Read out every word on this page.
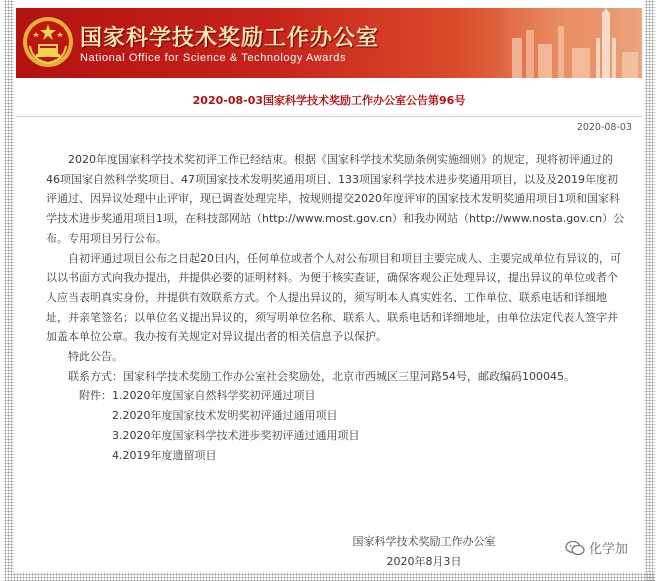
国家科学技术奖励工作办公室
National Office for Science & Technology Awards
2020-08-03国家科学技术奖励工作办公室公告第96号
2020-08-03

2020年度国家科学技术奖初评工作已经结束。根据《国家科学技术奖励条例实施细则》的规定，现将初评通过的46项国家自然科学奖项目、47项国家技术发明奖通用项目、133项国家科学技术进步奖通用项目，以及及2019年度初评通过、因异议处理中止评审，现已调查处理完毕，按规则提交2020年度评审的国家技术发明奖通用项目1项和国家科学技术进步奖通用项目1项，在科技部网站（http://www.most.gov.cn）和我办网站（http://www.nosta.gov.cn）公布。专用项目另行公布。

自初评通过项目公布之日起20日内，任何单位或者个人对公布项目和项目主要完成人、主要完成单位有异议的，可以以书面方式向我办提出，并提供必要的证明材料。为便于核实查证，确保客观公正处理异议，提出异议的单位或者个人应当表明真实身份，并提供有效联系方式。个人提出异议的，须写明本人真实姓名、工作单位、联系电话和详细地址，并亲笔签名；以单位名义提出异议的，须写明单位名称、联系人、联系电话和详细地址，由单位法定代表人签字并加盖本单位公章。我办按有关规定对异议提出者的相关信息予以保护。

特此公告。

联系方式：国家科学技术奖励工作办公室社会奖励处，北京市西城区三里河路54号，邮政编码100045。

附件：1.2020年度国家自然科学奖初评通过项目
2.2020年度国家技术发明奖初评通过通用项目
3.2020年度国家科学技术进步奖初评通过通用项目
4.2019年度遗留项目
国家科学技术奖励工作办公室
2020年8月3日
化学加
